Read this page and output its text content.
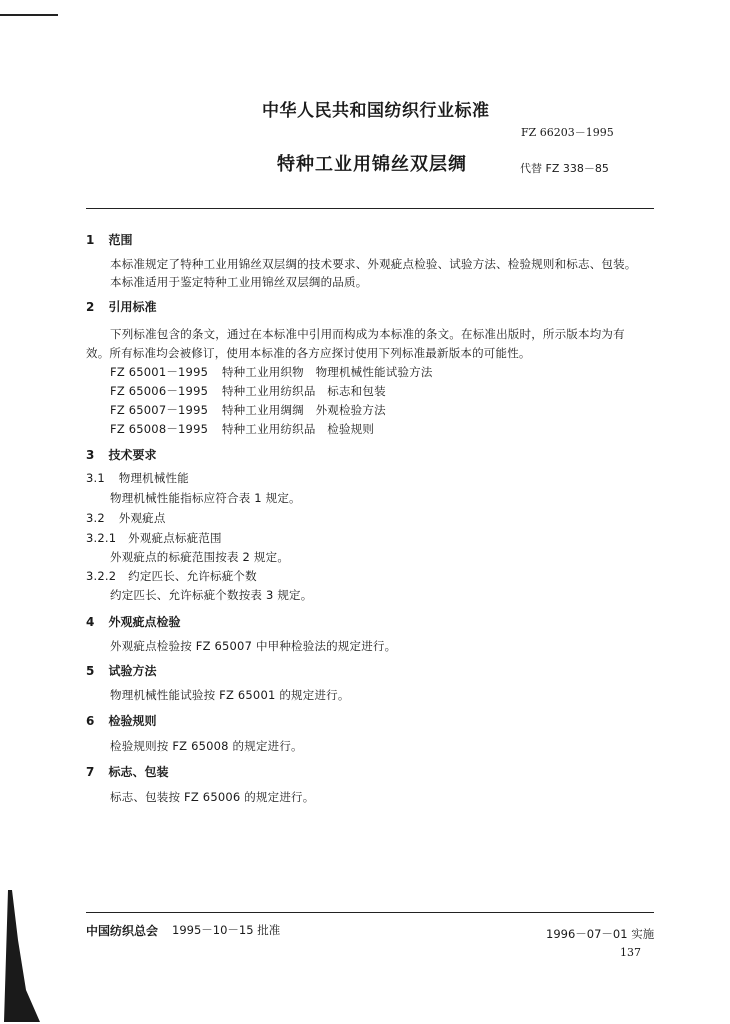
中华人民共和国纺织行业标准
FZ 66203－1995
特种工业用锦丝双层绸	代替 FZ 338－85
1 范围
本标准规定了特种工业用锦丝双层绸的技术要求、外观疵点检验、试验方法、检验规则和标志、包装。
本标准适用于鉴定特种工业用锦丝双层绸的品质。
2 引用标准
下列标准包含的条文，通过在本标准中引用而构成为本标准的条文。在标准出版时，所示版本均为有
效。所有标准均会被修订，使用本标准的各方应探讨使用下列标准最新版本的可能性。
FZ 65001－1995 特种工业用织物　物理机械性能试验方法
FZ 65006－1995 特种工业用纺织品　标志和包装
FZ 65007－1995 特种工业用绸绸　外观检验方法
FZ 65008－1995 特种工业用纺织品　检验规则
3 技术要求
3.1 物理机械性能
物理机械性能指标应符合表 1 规定。
3.2 外观疵点
3.2.1 外观疵点标疵范围
外观疵点的标疵范围按表 2 规定。
3.2.2 约定匹长、允许标疵个数
约定匹长、允许标疵个数按表 3 规定。
4 外观疵点检验
外观疵点检验按 FZ 65007 中甲种检验法的规定进行。
5 试验方法
物理机械性能试验按 FZ 65001 的规定进行。
6 检验规则
检验规则按 FZ 65008 的规定进行。
7 标志、包装
标志、包装按 FZ 65006 的规定进行。
中国纺织总会 1995－10－15 批准	1996－07－01 实施
137
